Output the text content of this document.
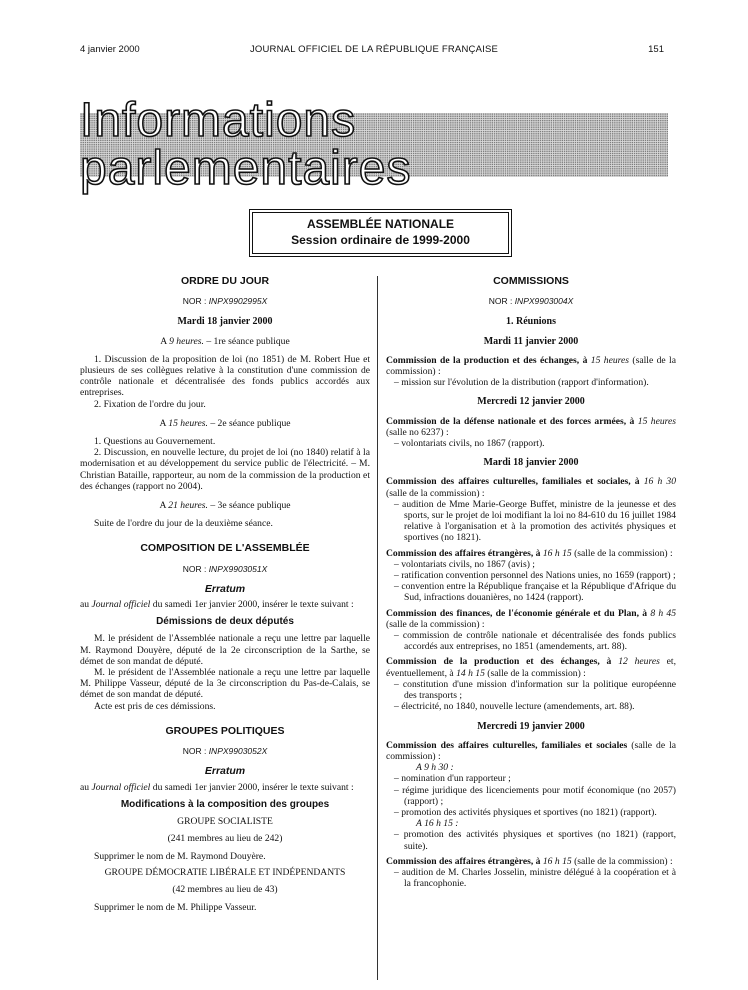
JOURNAL OFFICIEL DE LA RÉPUBLIQUE FRANÇAISE
4 janvier 2000	151
Informations parlementaires
ASSEMBLÉE NATIONALE
Session ordinaire de 1999-2000
ORDRE DU JOUR
NOR : INPX9902995X
Mardi 18 janvier 2000
A 9 heures. – 1re séance publique

1. Discussion de la proposition de loi (no 1851) de M. Robert Hue et plusieurs de ses collègues relative à la constitution d'une commission de contrôle nationale et décentralisée des fonds publics accordés aux entreprises.

2. Fixation de l'ordre du jour.

A 15 heures. – 2e séance publique

1. Questions au Gouvernement.

2. Discussion, en nouvelle lecture, du projet de loi (no 1840) relatif à la modernisation et au développement du service public de l'électricité. – M. Christian Bataille, rapporteur, au nom de la commission de la production et des échanges (rapport no 2004).

A 21 heures. – 3e séance publique

Suite de l'ordre du jour de la deuxième séance.

COMPOSITION DE L'ASSEMBLÉE
NOR : INPX9903051X
Erratum

au Journal officiel du samedi 1er janvier 2000, insérer le texte suivant :

Démissions de deux députés

M. le président de l'Assemblée nationale a reçu une lettre par laquelle M. Raymond Douyère, député de la 2e circonscription de la Sarthe, se démet de son mandat de député.

M. le président de l'Assemblée nationale a reçu une lettre par laquelle M. Philippe Vasseur, député de la 3e circonscription du Pas-de-Calais, se démet de son mandat de député.

Acte est pris de ces démissions.

GROUPES POLITIQUES
NOR : INPX9903052X
Erratum

au Journal officiel du samedi 1er janvier 2000, insérer le texte suivant :

Modifications à la composition des groupes
GROUPE SOCIALISTE
(241 membres au lieu de 242)

Supprimer le nom de M. Raymond Douyère.

GROUPE DÉMOCRATIE LIBÉRALE ET INDÉPENDANTS
(42 membres au lieu de 43)

Supprimer le nom de M. Philippe Vasseur.

COMMISSIONS
NOR : INPX9903004X
1. Réunions
Mardi 11 janvier 2000

Commission de la production et des échanges, à 15 heures (salle de la commission) :

– mission sur l'évolution de la distribution (rapport d'information).

Mercredi 12 janvier 2000

Commission de la défense nationale et des forces armées, à 15 heures (salle no 6237) :

– volontariats civils, no 1867 (rapport).

Mardi 18 janvier 2000

Commission des affaires culturelles, familiales et sociales, à 16 h 30 (salle de la commission) :

– audition de Mme Marie-George Buffet, ministre de la jeunesse et des sports, sur le projet de loi modifiant la loi no 84-610 du 16 juillet 1984 relative à l'organisation et à la promotion des activités physiques et sportives (no 1821).

Commission des affaires étrangères, à 16 h 15 (salle de la commission) :

– volontariats civils, no 1867 (avis) ;

– ratification convention personnel des Nations unies, no 1659 (rapport) ;

– convention entre la République française et la République d'Afrique du Sud, infractions douanières, no 1424 (rapport).

Commission des finances, de l'économie générale et du Plan, à 8 h 45 (salle de la commission) :

– commission de contrôle nationale et décentralisée des fonds publics accordés aux entreprises, no 1851 (amendements, art. 88).

Commission de la production et des échanges, à 12 heures et, éventuellement, à 14 h 15 (salle de la commission) :

– constitution d'une mission d'information sur la politique européenne des transports ;

– électricité, no 1840, nouvelle lecture (amendements, art. 88).

Mercredi 19 janvier 2000

Commission des affaires culturelles, familiales et sociales (salle de la commission) :

A 9 h 30 :

– nomination d'un rapporteur ;

– régime juridique des licenciements pour motif économique (no 2057) (rapport) ;

– promotion des activités physiques et sportives (no 1821) (rapport).

A 16 h 15 :

– promotion des activités physiques et sportives (no 1821) (rapport, suite).

Commission des affaires étrangères, à 16 h 15 (salle de la commission) :

– audition de M. Charles Josselin, ministre délégué à la coopération et à la francophonie.
